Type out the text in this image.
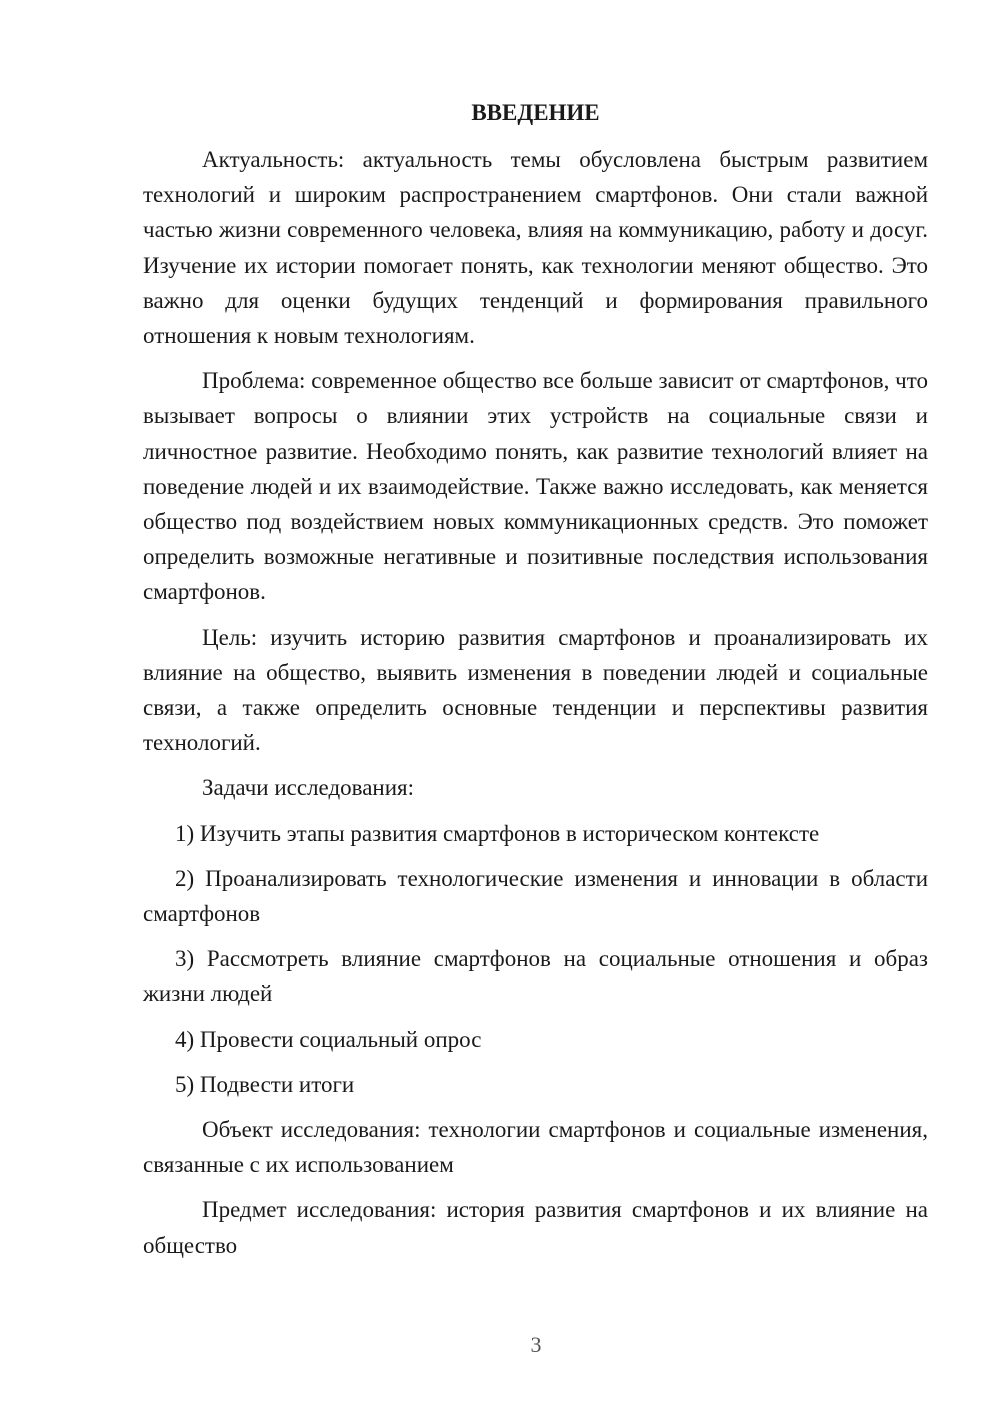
ВВЕДЕНИЕ

Актуальность: актуальность темы обусловлена быстрым развитием технологий и широким распространением смартфонов. Они стали важной частью жизни современного человека, влияя на коммуникацию, работу и досуг. Изучение их истории помогает понять, как технологии меняют общество. Это важно для оценки будущих тенденций и формирования правильного отношения к новым технологиям.

Проблема: современное общество все больше зависит от смартфонов, что вызывает вопросы о влиянии этих устройств на социальные связи и личностное развитие. Необходимо понять, как развитие технологий влияет на поведение людей и их взаимодействие. Также важно исследовать, как меняется общество под воздействием новых коммуникационных средств. Это поможет определить возможные негативные и позитивные последствия использования смартфонов.

Цель: изучить историю развития смартфонов и проанализировать их влияние на общество, выявить изменения в поведении людей и социальные связи, а также определить основные тенденции и перспективы развития технологий.

Задачи исследования:

1) Изучить этапы развития смартфонов в историческом контексте

2) Проанализировать технологические изменения и инновации в области смартфонов

3) Рассмотреть влияние смартфонов на социальные отношения и образ жизни людей

4) Провести социальный опрос

5) Подвести итоги

Объект исследования: технологии смартфонов и социальные изменения, связанные с их использованием

Предмет исследования: история развития смартфонов и их влияние на общество

3
